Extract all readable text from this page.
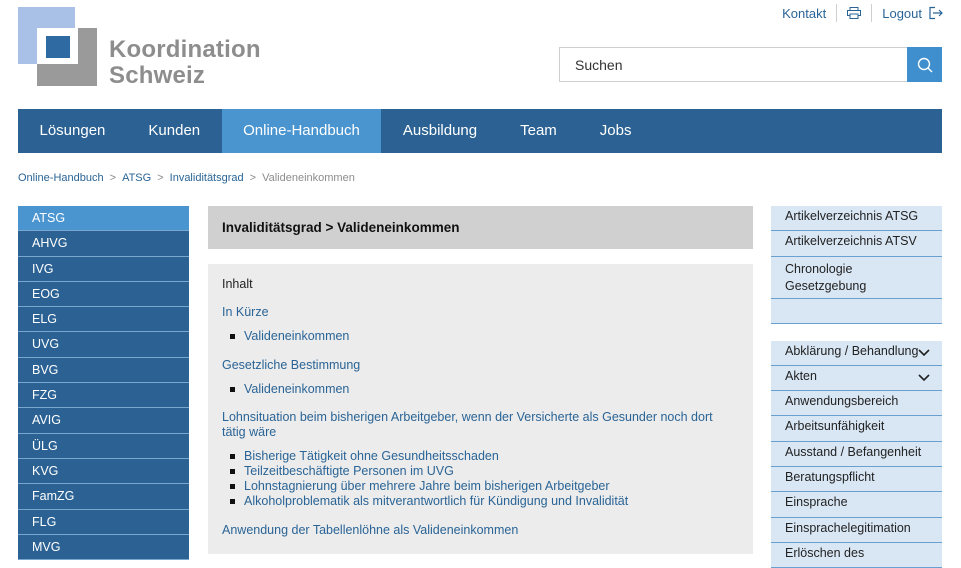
Koordination
Schweiz
Kontakt	Logout
Suchen
Lösungen	Kunden	Online-Handbuch	Ausbildung	Team	Jobs
Online-Handbuch > ATSG > Invaliditätsgrad > Valideneinkommen
ATSG
AHVG
IVG
EOG
ELG
UVG
BVG
FZG
AVIG
ÜLG
KVG
FamZG
FLG
MVG
Invaliditätsgrad > Valideneinkommen
Inhalt
In Kürze
Valideneinkommen
Gesetzliche Bestimmung
Valideneinkommen
Lohnsituation beim bisherigen Arbeitgeber, wenn der Versicherte als Gesunder noch dort tätig wäre
Bisherige Tätigkeit ohne Gesundheitsschaden
Teilzeitbeschäftigte Personen im UVG
Lohnstagnierung über mehrere Jahre beim bisherigen Arbeitgeber
Alkoholproblematik als mitverantwortlich für Kündigung und Invalidität
Anwendung der Tabellenlöhne als Valideneinkommen
Artikelverzeichnis ATSG
Artikelverzeichnis ATSV
Chronologie Gesetzgebung
Abklärung / Behandlung
Akten
Anwendungsbereich
Arbeitsunfähigkeit
Ausstand / Befangenheit
Beratungspflicht
Einsprache
Einsprachelegitimation
Erlöschen des
